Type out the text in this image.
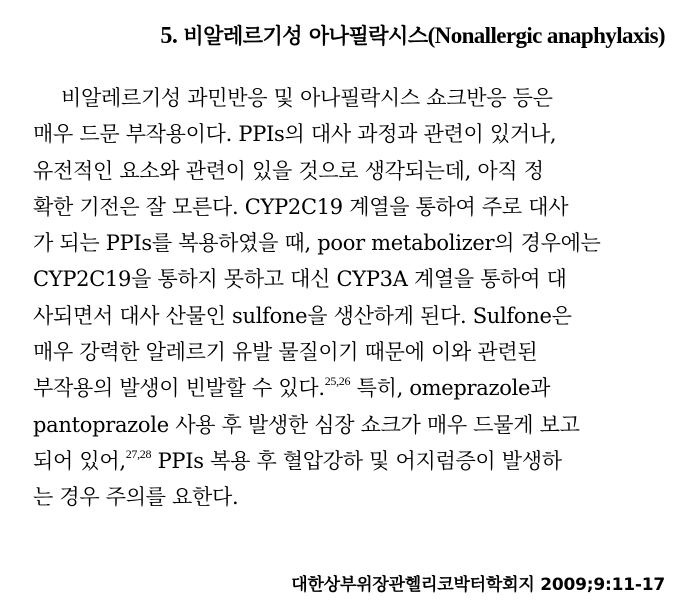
5. 비알레르기성 아나필락시스(Nonallergic anaphylaxis)
비알레르기성 과민반응 및 아나필락시스 쇼크반응 등은
매우 드문 부작용이다. PPIs의 대사 과정과 관련이 있거나,
유전적인 요소와 관련이 있을 것으로 생각되는데, 아직 정
확한 기전은 잘 모른다. CYP2C19 계열을 통하여 주로 대사
가 되는 PPIs를 복용하였을 때, poor metabolizer의 경우에는
CYP2C19을 통하지 못하고 대신 CYP3A 계열을 통하여 대
사되면서 대사 산물인 sulfone을 생산하게 된다. Sulfone은
매우 강력한 알레르기 유발 물질이기 때문에 이와 관련된
부작용의 발생이 빈발할 수 있다.$^{25,26}$ 특히, omeprazole과
pantoprazole 사용 후 발생한 심장 쇼크가 매우 드물게 보고
되어 있어,$^{27,28}$ PPIs 복용 후 혈압강하 및 어지럼증이 발생하
는 경우 주의를 요한다.
대한상부위장관헬리코박터학회지 2009;9:11-17
